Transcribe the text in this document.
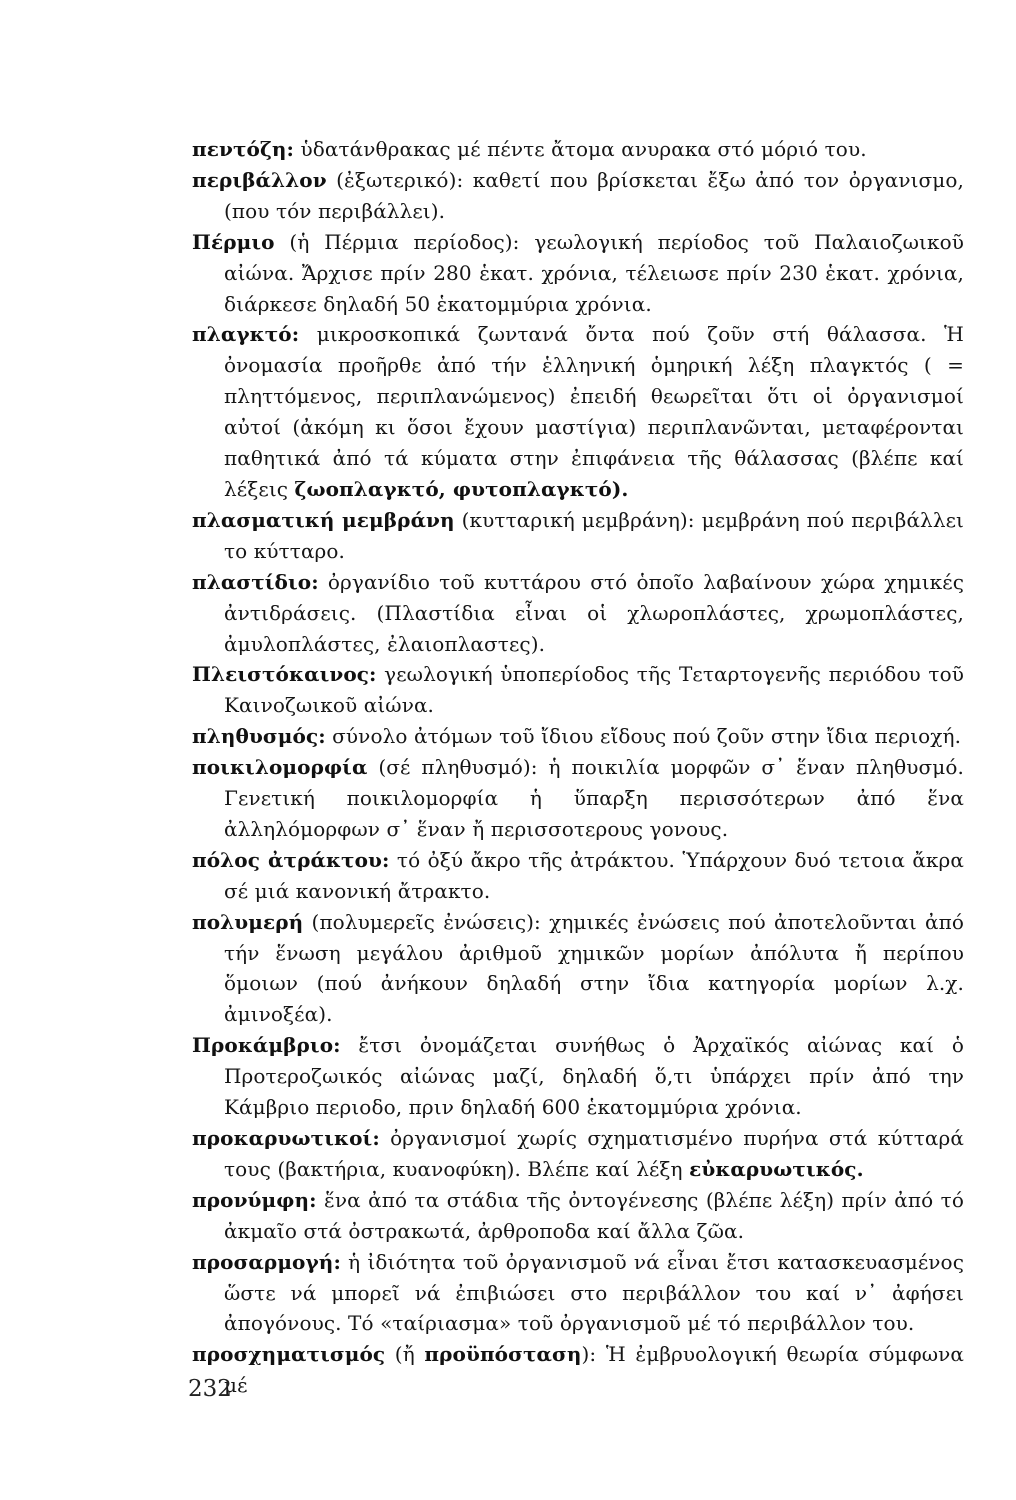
πεντόζη: ὑδατάνθρακας μέ πέντε ἄτομα ανυρακα στό μόριό του.
περιβάλλον (ἐξωτερικό): καθετί που βρίσκεται ἔξω ἀπό τον ὀργανισμο, (που τόν περιβάλλει).
Πέρμιο (ἡ Πέρμια περίοδος): γεωλογική περίοδος τοῦ Παλαιοζωικοῦ αἰώνα. Ἄρχισε πρίν 280 ἑκατ. χρόνια, τέλειωσε πρίν 230 ἑκατ. χρόνια, διάρκεσε δηλαδή 50 ἑκατομμύρια χρόνια.
πλαγκτό: μικροσκοπικά ζωντανά ὄντα πού ζοῦν στή θάλασσα. Ἡ ὀνομασία προῆρθε ἀπό τήν ἑλληνική ὁμηρική λέξη πλαγκτός ( = πληττόμενος, περιπλανώμενος) ἐπειδή θεωρεῖται ὅτι οἱ ὀργανισμοί αὐτοί (ἀκόμη κι ὅσοι ἔχουν μαστίγια) περιπλανῶνται, μεταφέρονται παθητικά ἀπό τά κύματα στην ἐπιφάνεια τῆς θάλασσας (βλέπε καί λέξεις ζωοπλαγκτό, φυτοπλαγκτό).
πλασματική μεμβράνη (κυτταρική μεμβράνη): μεμβράνη πού περιβάλλει το κύτταρο.
πλαστίδιο: ὀργανίδιο τοῦ κυττάρου στό ὁποῖο λαβαίνουν χώρα χημικές ἀντιδράσεις. (Πλαστίδια εἶναι οἱ χλωροπλάστες, χρωμοπλάστες, ἀμυλοπλάστες, ἐλαιοπλαστες).
Πλειστόκαινος: γεωλογική ὑποπερίοδος τῆς Τεταρτογενῆς περιόδου τοῦ Καινοζωικοῦ αἰώνα.
πληθυσμός: σύνολο ἀτόμων τοῦ ἴδιου εἴδους πού ζοῦν στην ἴδια περιοχή.
ποικιλομορφία (σέ πληθυσμό): ἡ ποικιλία μορφῶν σ᾽ ἕναν πληθυσμό. Γενετική ποικιλομορφία ἡ ὕπαρξη περισσότερων ἀπό ἕνα ἀλληλόμορφων σ᾽ ἕναν ἤ περισσοτερους γονους.
πόλος ἀτράκτου: τό ὀξύ ἄκρο τῆς ἀτράκτου. Ὑπάρχουν δυό τετοια ἄκρα σέ μιά κανονική ἄτρακτο.
πολυμερή (πολυμερεῖς ἐνώσεις): χημικές ἐνώσεις πού ἀποτελοῦνται ἀπό τήν ἕνωση μεγάλου ἀριθμοῦ χημικῶν μορίων ἀπόλυτα ἤ περίπου ὅμοιων (πού ἀνήκουν δηλαδή στην ἴδια κατηγορία μορίων λ.χ. ἀμινοξέα).
Προκάμβριο: ἔτσι ὀνομάζεται συνήθως ὁ Ἀρχαϊκός αἰώνας καί ὁ Προτεροζωικός αἰώνας μαζί, δηλαδή ὅ,τι ὑπάρχει πρίν ἀπό την Κάμβριο περιοδο, πριν δηλαδή 600 ἑκατομμύρια χρόνια.
προκαρυωτικοί: ὀργανισμοί χωρίς σχηματισμένο πυρήνα στά κύτταρά τους (βακτήρια, κυανοφύκη). Βλέπε καί λέξη εὐκαρυωτικός.
προνύμφη: ἕνα ἀπό τα στάδια τῆς ὀντογένεσης (βλέπε λέξη) πρίν ἀπό τό ἀκμαῖο στά ὀστρακωτά, ἀρθροποδα καί ἄλλα ζῶα.
προσαρμογή: ἡ ἰδιότητα τοῦ ὀργανισμοῦ νά εἶναι ἔτσι κατασκευασμένος ὥστε νά μπορεῖ νά ἐπιβιώσει στο περιβάλλον του καί ν᾽ ἀφήσει ἀπογόνους. Τό «ταίριασμα» τοῦ ὀργανισμοῦ μέ τό περιβάλλον του.
προσχηματισμός (ἤ προϋπόσταση): Ἡ ἐμβρυολογική θεωρία σύμφωνα μέ
232
